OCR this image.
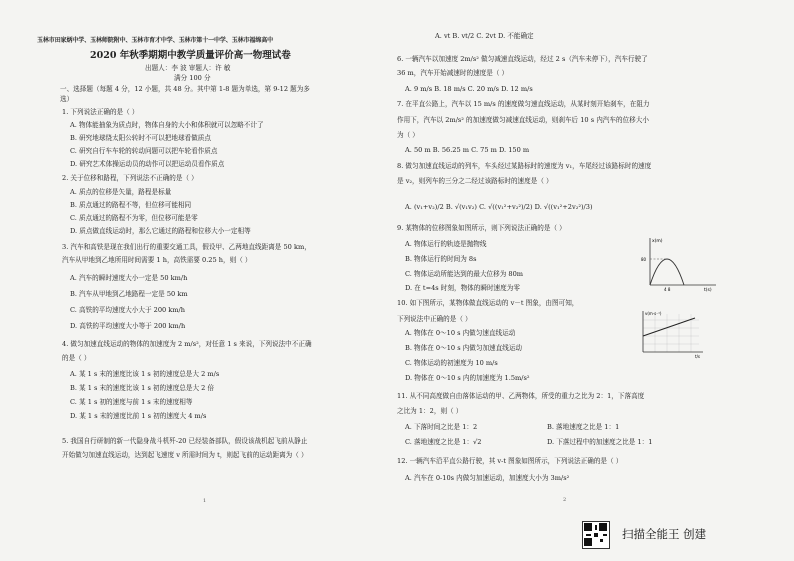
玉林市田家炳中学、玉林师院附中、玉林市育才中学、玉林市第十一中学、玉林市福绵高中
2020 年秋季期期中教学质量评价高一物理试卷
出题人：李 波 审题人：许 敏
满分 100 分
一、选择题（每题 4 分，12 小题，共 48 分。其中第 1-8 题为单选，第 9-12 题为多
选）
1. 下列说法正确的是（ ）
A. 物体能抽象为质点时，物体自身的大小和体积就可以忽略不计了
B. 研究地球绕太阳公转时不可以把地球看做质点
C. 研究自行车车轮的转动问题可以把车轮看作质点
D. 研究艺术体操运动员的动作可以把运动员看作质点
2. 关于位移和路程，下列说法不正确的是（ ）
A. 质点的位移是矢量，路程是标量
B. 质点通过的路程不等，但位移可能相同
C. 质点通过的路程不为零，但位移可能是零
D. 质点做直线运动时，那么它通过的路程和位移大小一定相等
3. 汽车和高铁是现在我们出行的重要交通工具，假设甲、乙两地直线距离是 50 km，
汽车从甲地到乙地所用时间需要 1 h，高铁需要 0.25 h，则（ ）
A. 汽车的瞬时速度大小一定是 50 km/h
B. 汽车从甲地到乙地路程一定是 50 km
C. 高铁的平均速度大小大于 200 km/h
D. 高铁的平均速度大小等于 200 km/h
4. 做匀加速直线运动的物体的加速度为 2 m/s²，对任意 1 s 来说，下列说法中不正确
的是（ ）
A. 某 1 s 末的速度比该 1 s 初的速度总是大 2 m/s
B. 某 1 s 末的速度比该 1 s 初的速度总是大 2 倍
C. 某 1 s 初的速度与前 1 s 末的速度相等
D. 某 1 s 末的速度比前 1 s 初的速度大 4 m/s
5. 我国自行研制的新一代隐身战斗机歼-20 已经装备部队，假设该战机起飞前从静止
开始做匀加速直线运动，达到起飞速度 v 所需时间为 t，则起飞前的运动距离为（ ）
1
A. vt B. vt/2 C. 2vt D. 不能确定
6. 一辆汽车以加速度 2m/s² 做匀减速直线运动，经过 2 s（汽车未停下），汽车行驶了
36 m，汽车开始减速时的速度是（ ）
A. 9 m/s B. 18 m/s C. 20 m/s D. 12 m/s
7. 在平直公路上，汽车以 15 m/s 的速度做匀速直线运动，从某时刻开始刹车，在阻力
作用下，汽车以 2m/s² 的加速度做匀减速直线运动，则刹车后 10 s 内汽车的位移大小
为（ ）
A. 50 m B. 56.25 m C. 75 m D. 150 m
8. 做匀加速直线运动的列车，车头经过某路标时的速度为 v₁，车尾经过该路标时的速度
是 v₂，则列车的三分之二经过该路标时的速度是（ ）
A. (v₁+v₂)/2 B. √(v₁v₂) C. √((v₁²+v₂²)/2) D. √((v₁²+2v₂²)/3)
9. 某物体的位移图象如图所示，则下列说法正确的是（ ）
A. 物体运行的轨迹是抛物线
B. 物体运行的时间为 8s
C. 物体运动所能达到的最大位移为 80m
D. 在 t=4s 时刻，物体的瞬时速度为零
x(m)
t(s)
80
4 8
10. 如下图所示，某物体做直线运动的 v－t 图象，由图可知，
下列说法中正确的是（ ）
A. 物体在 0～10 s 内做匀速直线运动
B. 物体在 0～10 s 内做匀加速直线运动
C. 物体运动的初速度为 10 m/s
D. 物体在 0～10 s 内的加速度为 1.5m/s²
v(m·s⁻¹)
t/s
11. 从不同高度做自由落体运动的甲、乙两物体，所受的重力之比为 2：1，下落高度
之比为 1：2，则（ ）
A. 下落时间之比是 1：2	B. 落地速度之比是 1：1
C. 落地速度之比是 1：√2	D. 下落过程中的加速度之比是 1：1
12. 一辆汽车沿平直公路行驶，其 v-t 图象如图所示，下列说法正确的是（ ）
A. 汽车在 0-10s 内做匀加速运动，加速度大小为 3m/s²
2
扫描全能王 创建
